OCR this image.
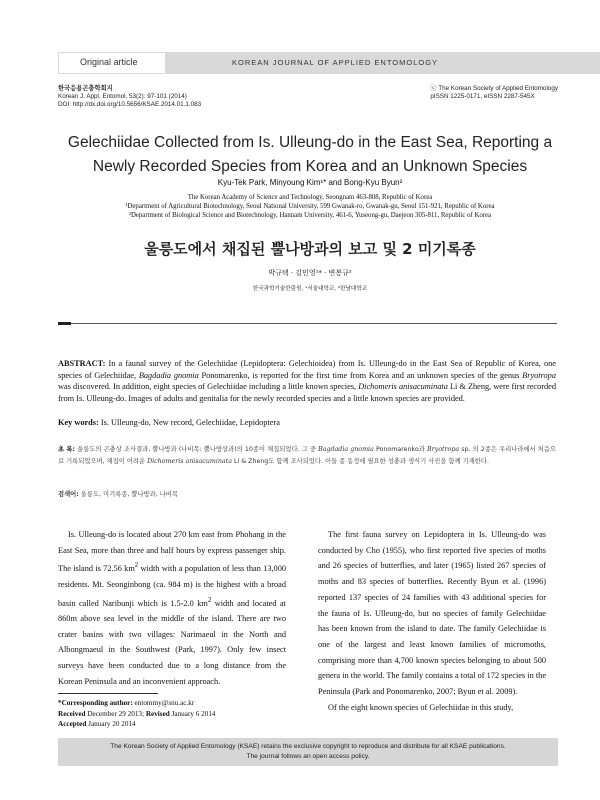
Original article	KOREAN JOURNAL OF APPLIED ENTOMOLOGY
한국응용곤충학회지
Korean J. Appl. Entomol. 53(2): 97-101 (2014)
DOI: http://dx.doi.org/10.5656/KSAE.2014.01.1.083
ⓒ The Korean Society of Applied Entomology
pISSN 1225-0171, eISSN 2287-545X
Gelechiidae Collected from Is. Ulleung-do in the East Sea, Reporting a
Newly Recorded Species from Korea and an Unknown Species
Kyu-Tek Park, Minyoung Kim¹* and Bong-Kyu Byun²
The Korean Academy of Science and Technology, Seongnam 463-808, Republic of Korea
¹Department of Agricultural Biotechnology, Seoul National University, 599 Gwanak-ro, Gwanak-gu, Seoul 151-921, Republic of Korea
²Department of Biological Science and Biotechnology, Hannam University, 461-6, Yuseong-gu, Daejeon 305-811, Republic of Korea
울릉도에서 채집된 뿔나방과의 보고 및 2 미기록종
박규택 · 김민영¹* · 변봉규²
한국과학기술한림원, ¹서울대학교, ²한남대학교
ABSTRACT: In a faunal survey of the Gelechiidae (Lepidoptera: Gelechioidea) from Is. Ulleung-do in the East Sea of Republic of Korea, one species of Gelechiidae, Bagdadia gnomia Ponomarenko, is reported for the first time from Korea and an unknown species of the genus Bryotropa was discovered. In addition, eight species of Gelechiidae including a little known species, Dichomeris anisacuminata Li & Zheng, were first recorded from Is. Ulleung-do. Images of adults and genitalia for the newly recorded species and a little known species are provided.
Key words: Is. Ulleung-do, New record, Gelechiidae, Lepidoptera
초 록: 울릉도의 곤충상 조사결과, 뿔나방과 (나비목: 뿔나방상과)의 10종이 채집되었다. 그 중 Bagdadia gnomia Ponomarenko과 Bryotropa sp. 의 2종은 우리나라에서 처음으로 기록되었으며, 채집이 어려운 Dichomeris anisacuminata Li & Zheng도 함께 조사되었다. 이들 종 동정에 필요한 성충과 생식기 사진을 함께 기재한다.
검색어: 울릉도, 미기록종, 뿔나방과, 나비목

Is. Ulleung-do is located about 270 km east from Phohang in the East Sea, more than three and half hours by express passenger ship. The island is 72.56 $km^2$ width with a population of less than 13,000 residents. Mt. Seonginbong (ca. 984 m) is the highest with a broad basin called Naribunji which is 1.5-2.0 $km^2$ width and located at 860m above sea level in the middle of the island. There are two crater basins with two villages: Narimaeul in the North and Albongmaeul in the Southwest (Park, 1997). Only few insect surveys have been conducted due to a long distance from the Korean Peninsula and an inconvenient approach.

The first fauna survey on Lepidoptera in Is. Ulleung-do was conducted by Cho (1955), who first reported five species of moths and 26 species of butterflies, and later (1965) listed 267 species of moths and 83 species of butterflies. Recently Byun et al. (1996) reported 137 species of 24 families with 43 additional species for the fauna of Is. Ulleung-do, but no species of family Gelechiidae has been known from the island to date. The family Gelechiidae is one of the largest and least known families of micromoths, comprising more than 4,700 known species belonging to about 500 genera in the world. The family contains a total of 172 species in the Peninsula (Park and Ponomarenko, 2007; Byun et al. 2009).

Of the eight known species of Gelechiidae in this study,

*Corresponding author: entommy@snu.ac.kr
Received December 29 2013; Revised January 6 2014
Accepted January 20 2014
The Korean Society of Applied Entomology (KSAE) retains the exclusive copyright to reproduce and distribute for all KSAE publications.
The journal follows an open access policy.
